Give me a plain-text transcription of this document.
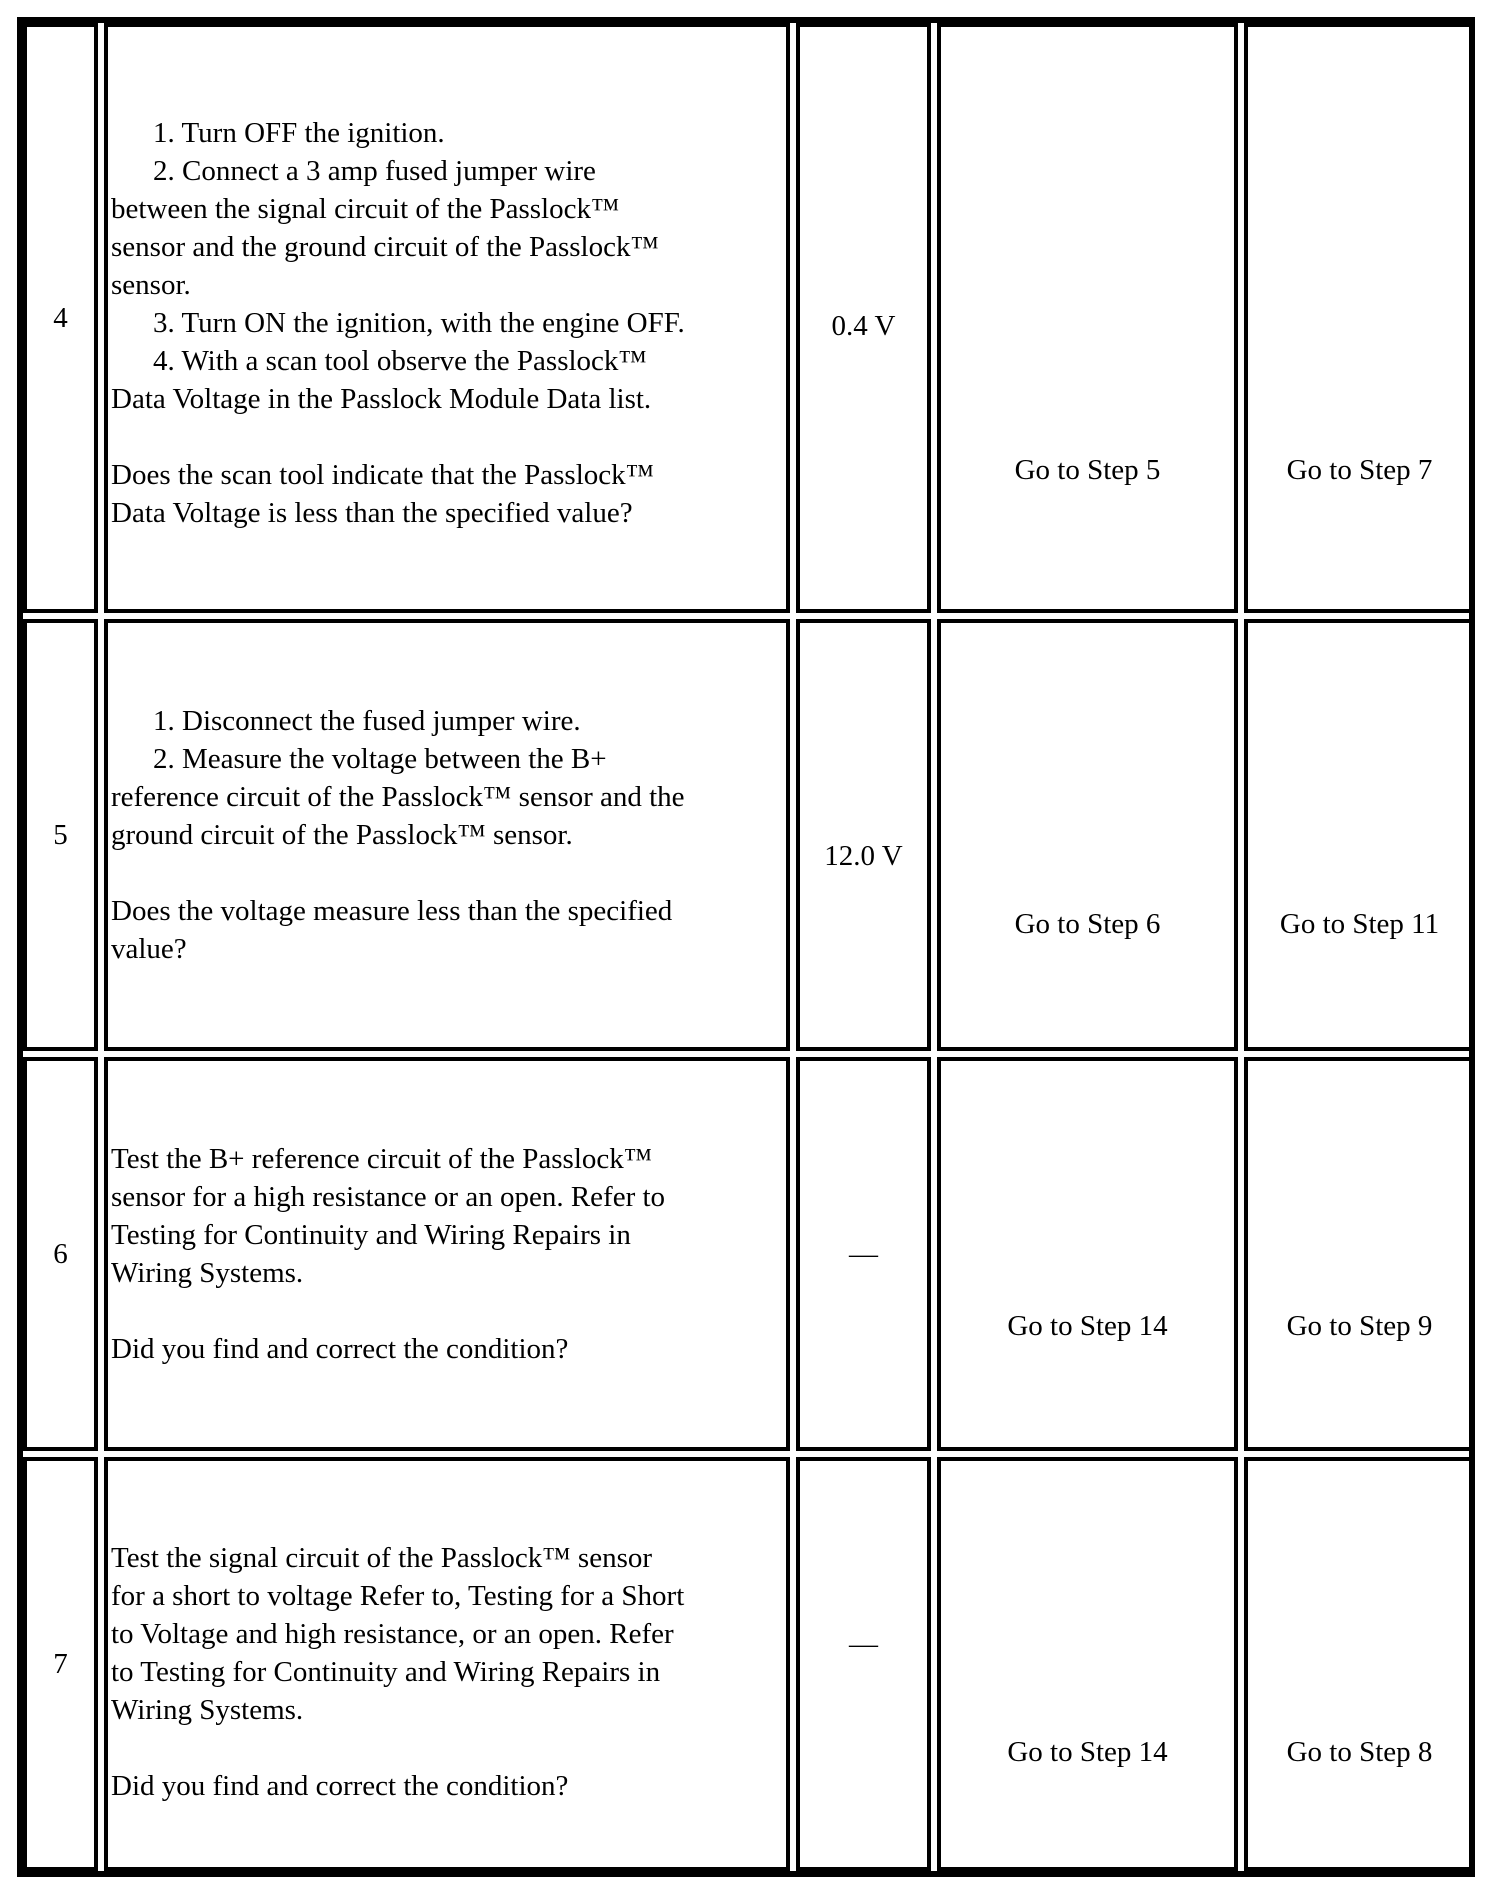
4
1. Turn OFF the ignition.
2. Connect a 3 amp fused jumper wire
between the signal circuit of the Passlock™
sensor and the ground circuit of the Passlock™
sensor.
3. Turn ON the ignition, with the engine OFF.
4. With a scan tool observe the Passlock™
Data Voltage in the Passlock Module Data list.
Does the scan tool indicate that the Passlock™
Data Voltage is less than the specified value?
0.4 V
Go to Step 5	Go to Step 7
5
1. Disconnect the fused jumper wire.
2. Measure the voltage between the B+
reference circuit of the Passlock™ sensor and the
ground circuit of the Passlock™ sensor.
Does the voltage measure less than the specified
value?
12.0 V
Go to Step 6	Go to Step 11
6
Test the B+ reference circuit of the Passlock™
sensor for a high resistance or an open. Refer to
Testing for Continuity and Wiring Repairs in
Wiring Systems.
Did you find and correct the condition?
—
Go to Step 14	Go to Step 9
7
Test the signal circuit of the Passlock™ sensor
for a short to voltage Refer to, Testing for a Short
to Voltage and high resistance, or an open. Refer
to Testing for Continuity and Wiring Repairs in
Wiring Systems.
Did you find and correct the condition?
—
Go to Step 14	Go to Step 8
